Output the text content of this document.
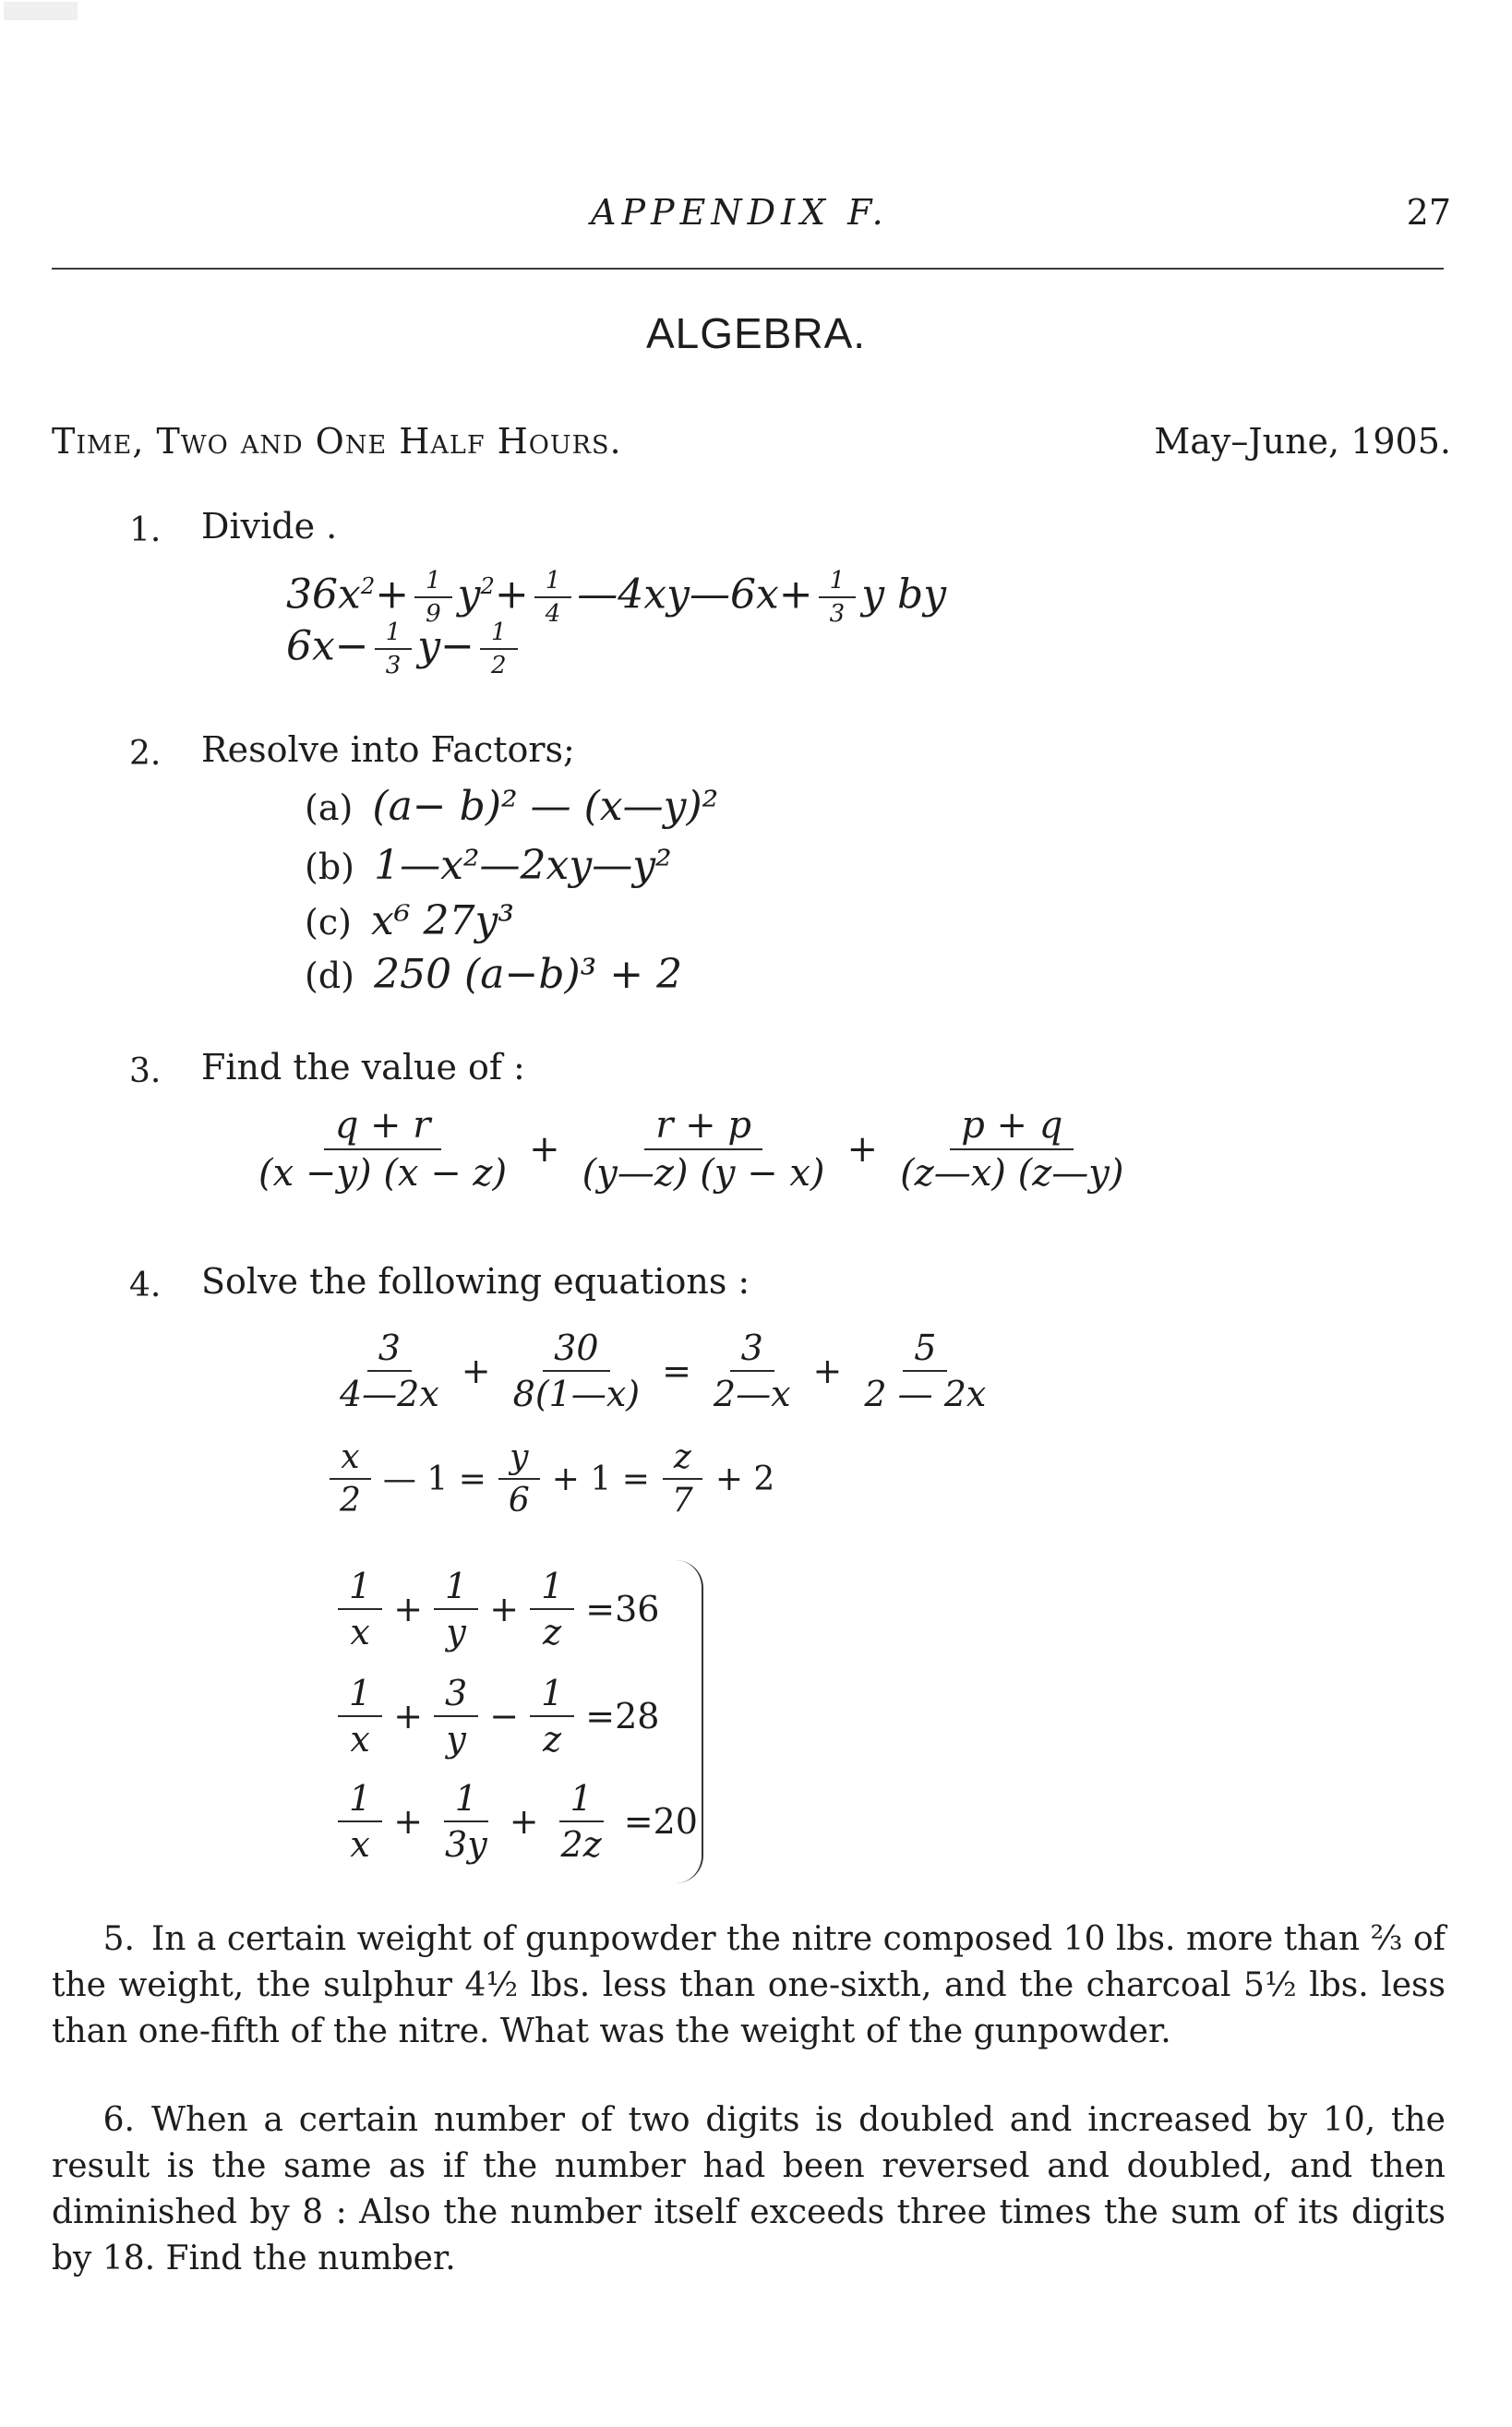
APPENDIX F.	27
ALGEBRA.
Time, Two and One Half Hours.	May–June, 1905.
1. Divide .
$36x^2+ \frac{1}{9} y^2+ \frac{1}{4}$ —4xy—6x+ $\frac{1}{3}$ y by
$6x- \frac{1}{3} y- \frac{1}{2}$
2. Resolve into Factors;
(a) (a− b)² — (x—y)²
(b) 1—x²—2xy—y²
(c) x⁶ 27y³
(d) 250 (a−b)³ + 2
3. Find the value of :
q + r
(x −y) (x − z)
+ $\frac{r + p}{(y—z) (y - x)} + \frac{p + q}{(z—x) (z—y)}$
4. Solve the following equations :
3
4—2x
+ $\frac{30}{8(1—x)} = \frac{3}{2—x} + \frac{5}{2 — 2x}$
x
2
— $1 = \frac{y}{6} + 1 = \frac{z}{7} + 2$
1
x
+ $\frac{1}{y} + \frac{1}{z} =36$
1
x
+ $\frac{3}{y} - \frac{1}{z} =28$
1
x
+ $\frac{1}{3y} + \frac{1}{2z} =20$
5. In a certain weight of gunpowder the nitre composed 10 lbs. more than ⅔ of the weight, the sulphur 4½ lbs. less than one-sixth, and the charcoal 5½ lbs. less than one-fifth of the nitre. What was the weight of the gunpowder.
6. When a certain number of two digits is doubled and increased by 10, the result is the same as if the number had been reversed and doubled, and then diminished by 8 : Also the number itself exceeds three times the sum of its digits by 18. Find the number.
